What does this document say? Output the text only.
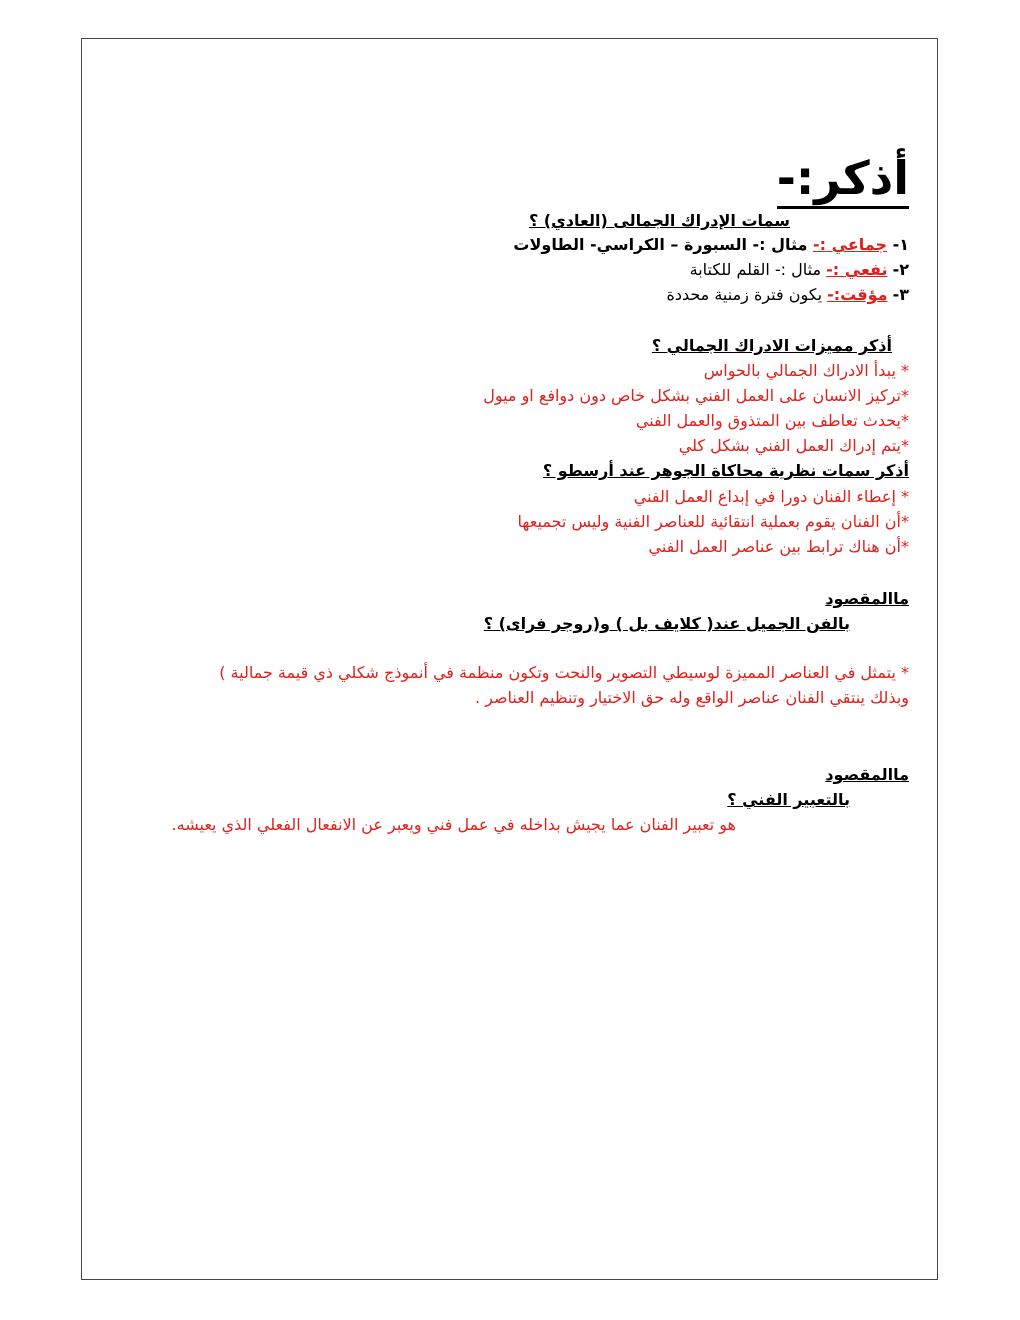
أذكر:-
سمات الإدراك الجمالى (العادي) ؟
١- جماعي :- مثال :- السبورة – الكراسي- الطاولات
٢- نفعي :- مثال :- القلم للكتابة
٣- مؤقت:- يكون فترة زمنية محددة
أذكر مميزات الادراك الجمالي ؟
* يبدأ الادراك الجمالي بالحواس
*تركيز الانسان على العمل الفني بشكل خاص دون دوافع او ميول
*يحدث تعاطف بين المتذوق والعمل الفني
*يتم إدراك العمل الفني بشكل كلي
أذكر سمات نظرية محاكاة الجوهر عند أرسطو ؟
* إعطاء الفنان دورا في إبداع العمل الفني
*أن الفنان يقوم بعملية انتقائية للعناصر الفنية وليس تجميعها
*أن هناك ترابط بين عناصر العمل الفني
ماالمقصود
بالفن الجميل عند( كلايف بل ) و(روجر فراى) ؟
* يتمثل في العناصر المميزة لوسيطي التصوير والنحت وتكون منظمة في أنموذج شكلي ذي قيمة جمالية )
وبذلك ينتقي الفنان عناصر الواقع وله حق الاختيار وتنظيم العناصر .
ماالمقصود
بالتعبير الفني ؟
هو تعبير الفنان عما يجيش بداخله في عمل فني ويعبر عن الانفعال الفعلي الذي يعيشه.
